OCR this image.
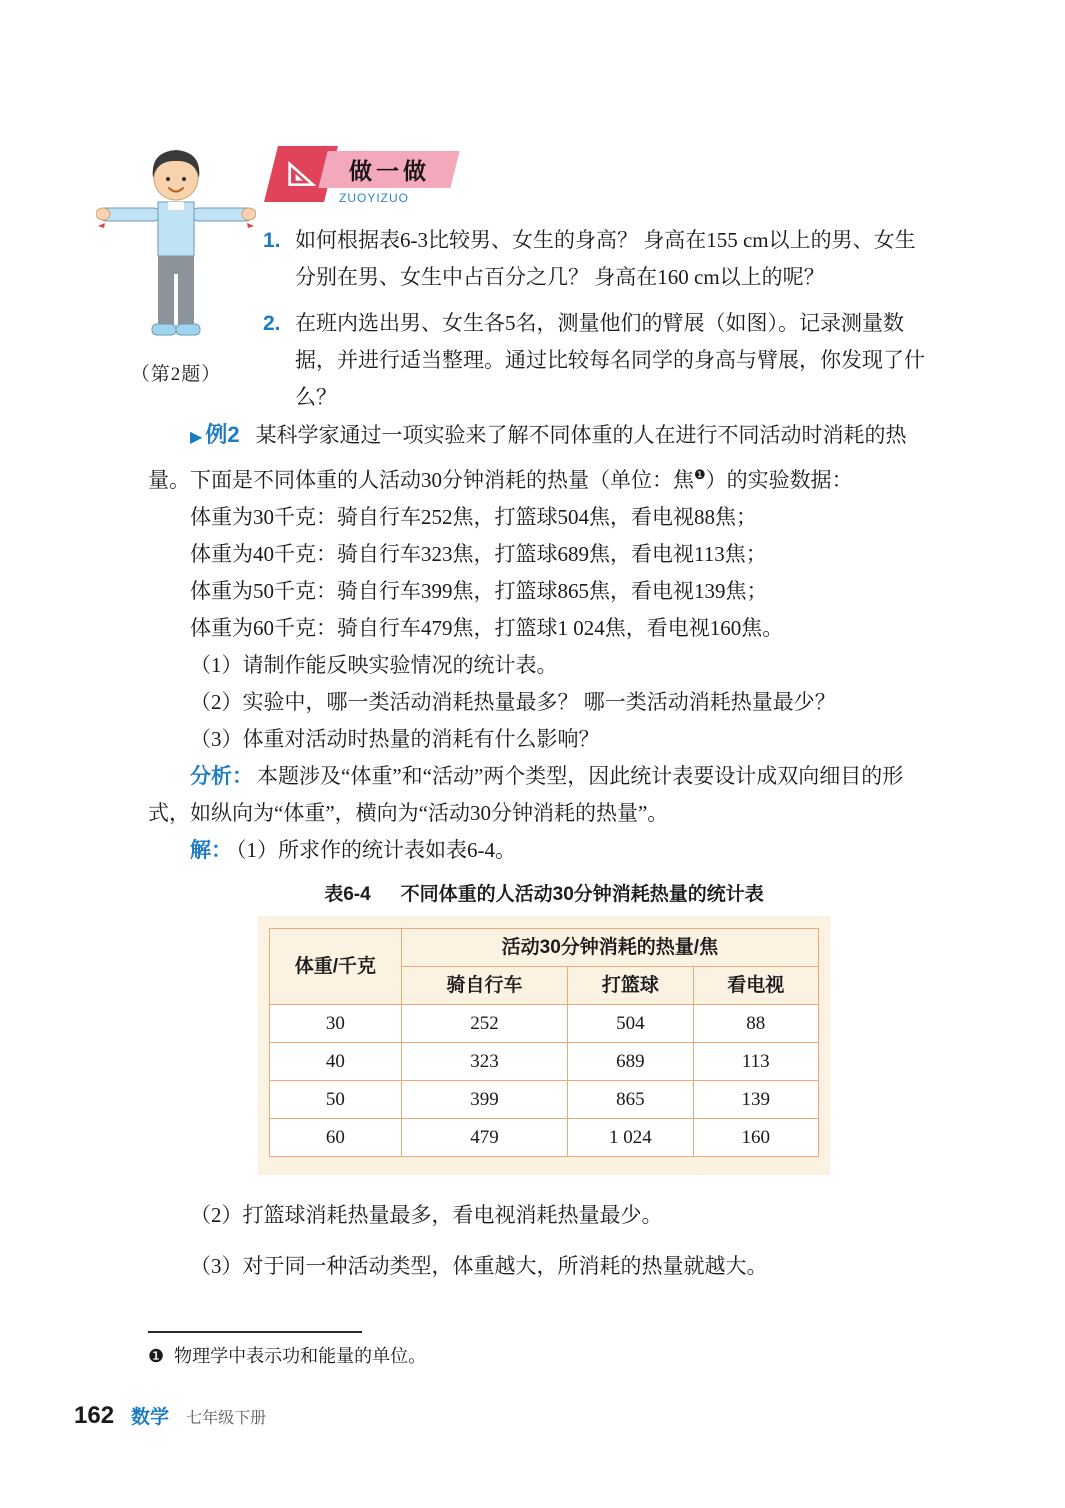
（第2题）
做一做
ZUOYIZUO
1. 如何根据表6-3比较男、女生的身高？ 身高在155 cm以上的男、女生分别在男、女生中占百分之几？ 身高在160 cm以上的呢？
2. 在班内选出男、女生各5名，测量他们的臂展（如图）。记录测量数据，并进行适当整理。通过比较每名同学的身高与臂展，你发现了什么？

▶ 例2 某科学家通过一项实验来了解不同体重的人在进行不同活动时消耗的热量。下面是不同体重的人活动30分钟消耗的热量（单位：焦$^❶$）的实验数据：

体重为30千克：骑自行车252焦，打篮球504焦，看电视88焦；

体重为40千克：骑自行车323焦，打篮球689焦，看电视113焦；

体重为50千克：骑自行车399焦，打篮球865焦，看电视139焦；

体重为60千克：骑自行车479焦，打篮球1 024焦，看电视160焦。

（1）请制作能反映实验情况的统计表。

（2）实验中，哪一类活动消耗热量最多？ 哪一类活动消耗热量最少？

（3）体重对活动时热量的消耗有什么影响？

分析： 本题涉及“体重”和“活动”两个类型，因此统计表要设计成双向细目的形式，如纵向为“体重”，横向为“活动30分钟消耗的热量”。

解： （1）所求作的统计表如表6-4。

表6-4 不同体重的人活动30分钟消耗热量的统计表
体重/千克	活动30分钟消耗的热量/焦		
	骑自行车	打篮球	看电视
30	252	504	88
40	323	689	113
50	399	865	139
60	479	1 024	160

（2）打篮球消耗热量最多，看电视消耗热量最少。

（3）对于同一种活动类型，体重越大，所消耗的热量就越大。

❶ 物理学中表示功和能量的单位。

162 数学 七年级下册
